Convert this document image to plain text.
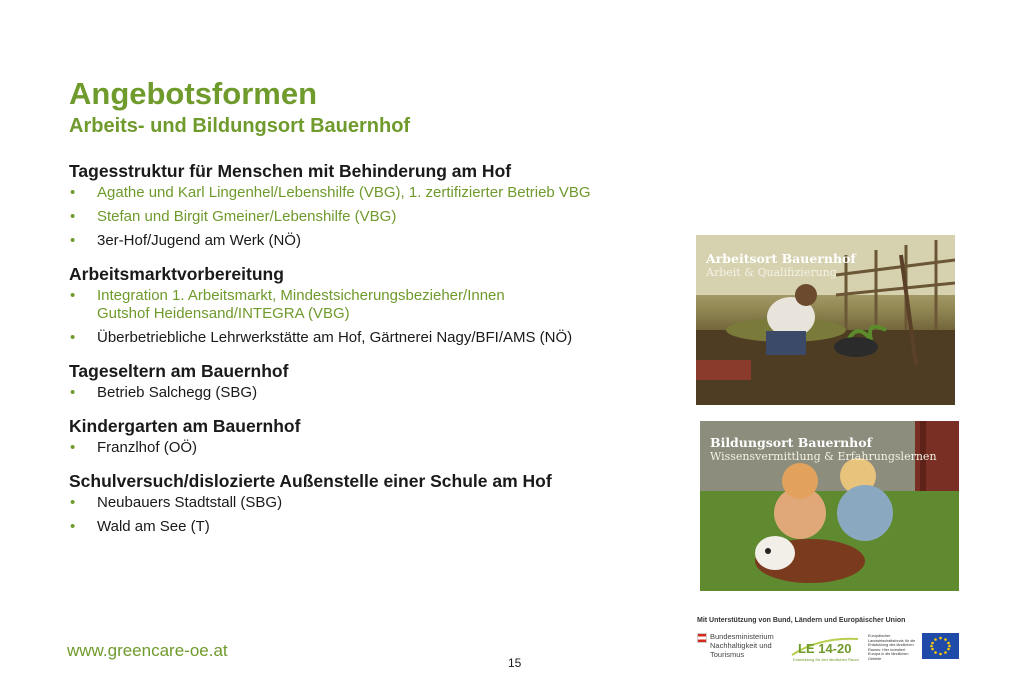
Angebotsformen
Arbeits- und Bildungsort Bauernhof
Tagesstruktur für Menschen mit Behinderung am Hof
• Agathe und Karl Lingenhel/Lebenshilfe (VBG), 1. zertifizierter Betrieb VBG
• Stefan und Birgit Gmeiner/Lebenshilfe (VBG)
• 3er-Hof/Jugend am Werk (NÖ)
Arbeitsmarktvorbereitung
• Integration 1. Arbeitsmarkt, Mindestsicherungsbezieher/Innen
Gutshof Heidensand/INTEGRA (VBG)
• Überbetriebliche Lehrwerkstätte am Hof, Gärtnerei Nagy/BFI/AMS (NÖ)
Tageseltern am Bauernhof
• Betrieb Salchegg (SBG)
Kindergarten am Bauernhof
• Franzlhof (OÖ)
Schulversuch/dislozierte Außenstelle einer Schule am Hof
• Neubauers Stadtstall (SBG)
• Wald am See (T)
Arbeitsort Bauernhof
Arbeit & Qualifizierung
Bildungsort Bauernhof
Wissensvermittlung & Erfahrungslernen
www.greencare-oe.at
15
Mit Unterstützung von Bund, Ländern und Europäischer Union
Bundesministerium Nachhaltigkeit und Tourismus	LE 14-20
Entwicklung für den ländlichen Raum
Europäischer Landwirtschaftsfonds für die Entwicklung des ländlichen Raums: Hier investiert Europa in die ländlichen Gebiete
